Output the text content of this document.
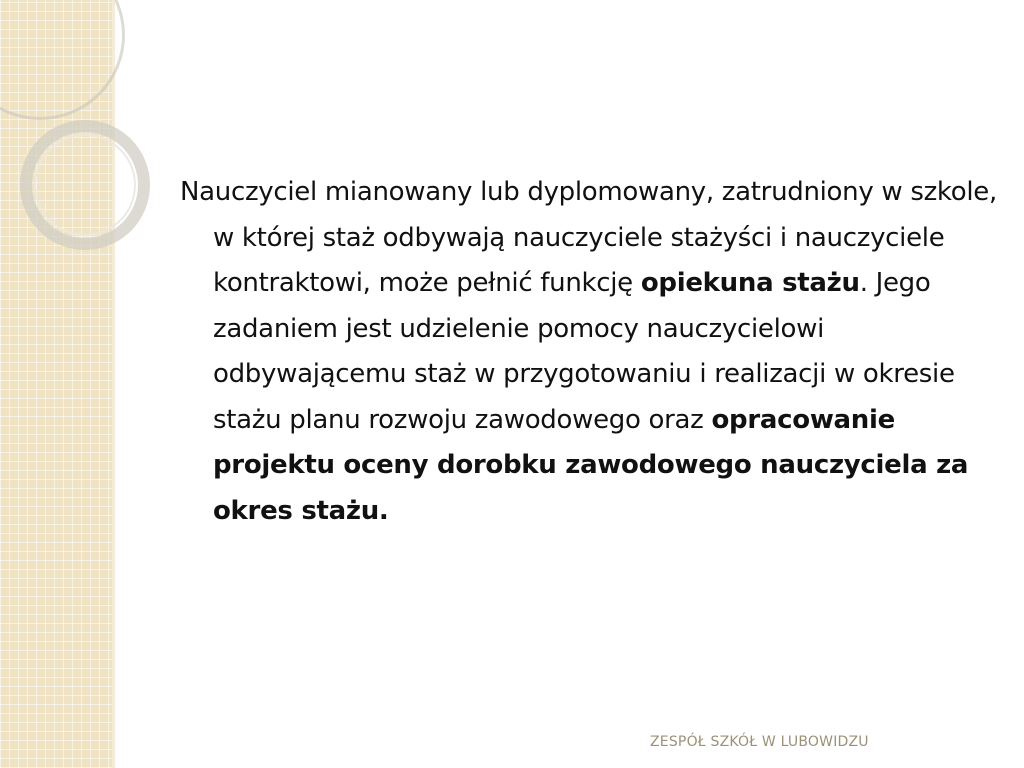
Nauczyciel mianowany lub dyplomowany, zatrudniony w szkole, w której staż odbywają nauczyciele stażyści i nauczyciele kontraktowi, może pełnić funkcję opiekuna stażu. Jego zadaniem jest udzielenie pomocy nauczycielowi odbywającemu staż w przygotowaniu i realizacji w okresie stażu planu rozwoju zawodowego oraz opracowanie projektu oceny dorobku zawodowego nauczyciela za okres stażu.

ZESPÓŁ SZKÓŁ W LUBOWIDZU
